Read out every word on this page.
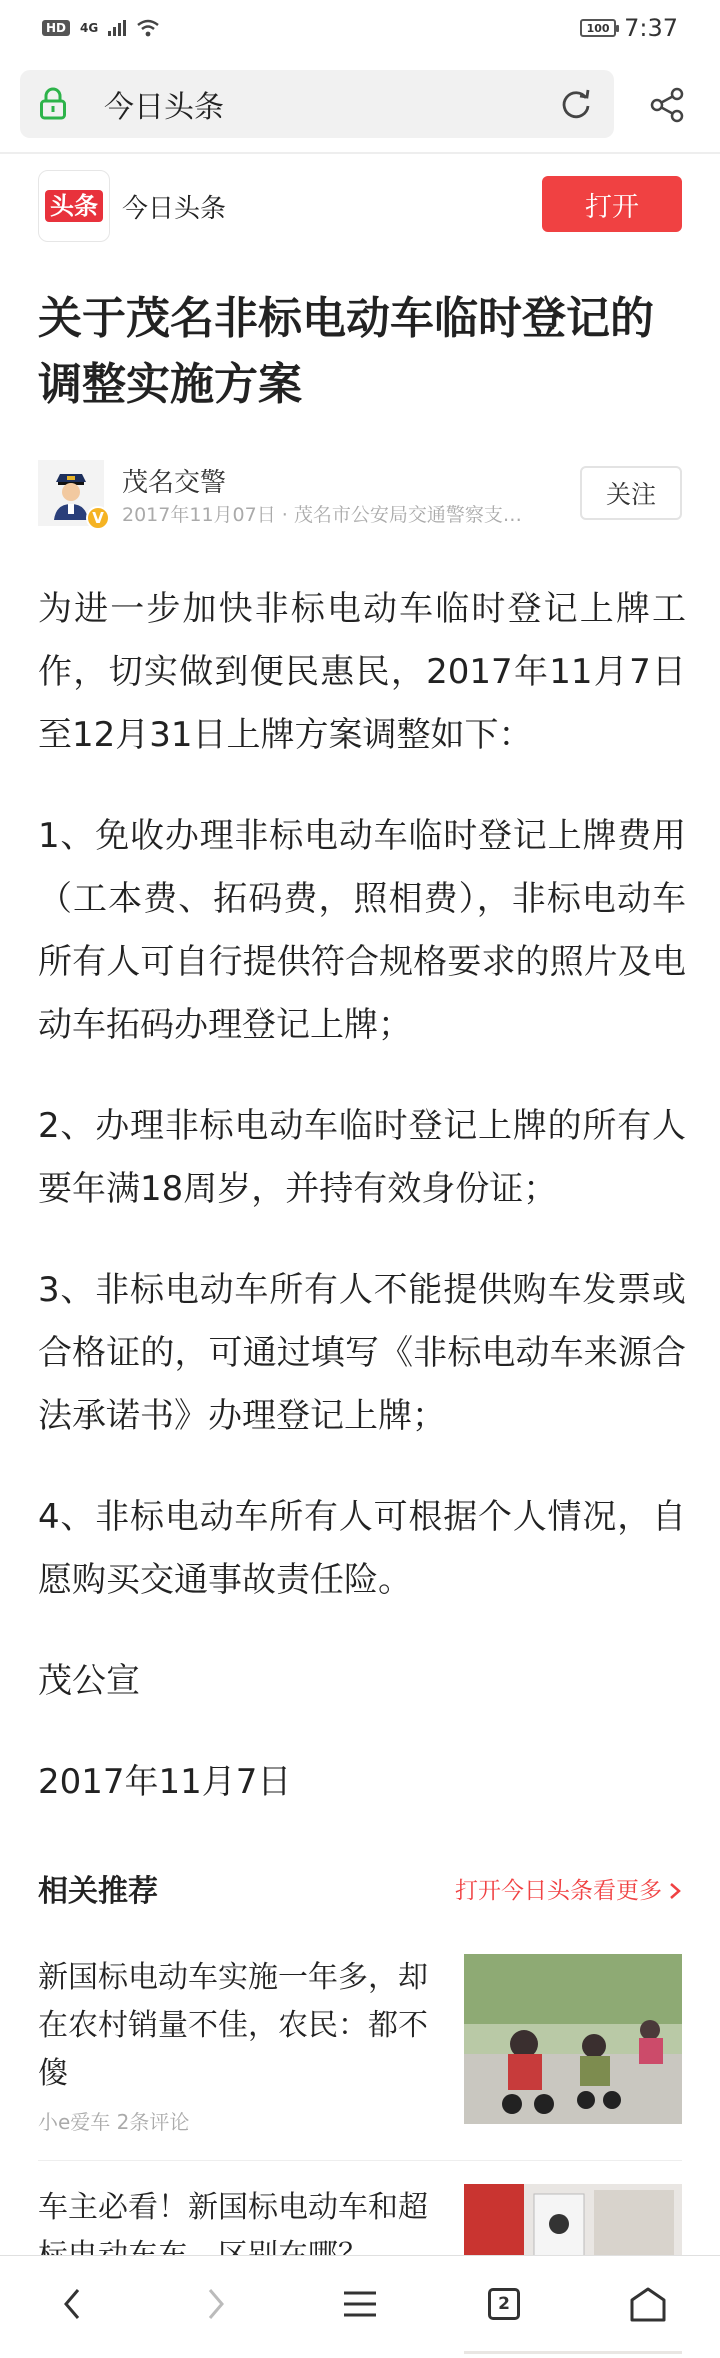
HD	4G	100 7:37
今日头条
头条 今日头条	打开
关于茂名非标电动车临时登记的调整实施方案
V
茂名交警
2017年11月07日 · 茂名市公安局交通警察支…
关注

为进一步加快非标电动车临时登记上牌工作，切实做到便民惠民，2017年11月7日至12月31日上牌方案调整如下：

1、免收办理非标电动车临时登记上牌费用（工本费、拓码费，照相费），非标电动车所有人可自行提供符合规格要求的照片及电动车拓码办理登记上牌；

2、办理非标电动车临时登记上牌的所有人要年满18周岁，并持有效身份证；

3、非标电动车所有人不能提供购车发票或合格证的，可通过填写《非标电动车来源合法承诺书》办理登记上牌；

4、非标电动车所有人可根据个人情况，自愿购买交通事故责任险。

茂公宣

2017年11月7日

相关推荐	打开今日头条看更多
新国标电动车实施一年多，却在农村销量不佳，农民：都不傻
小e爱车 2条评论
车主必看！新国标电动车和超
2
